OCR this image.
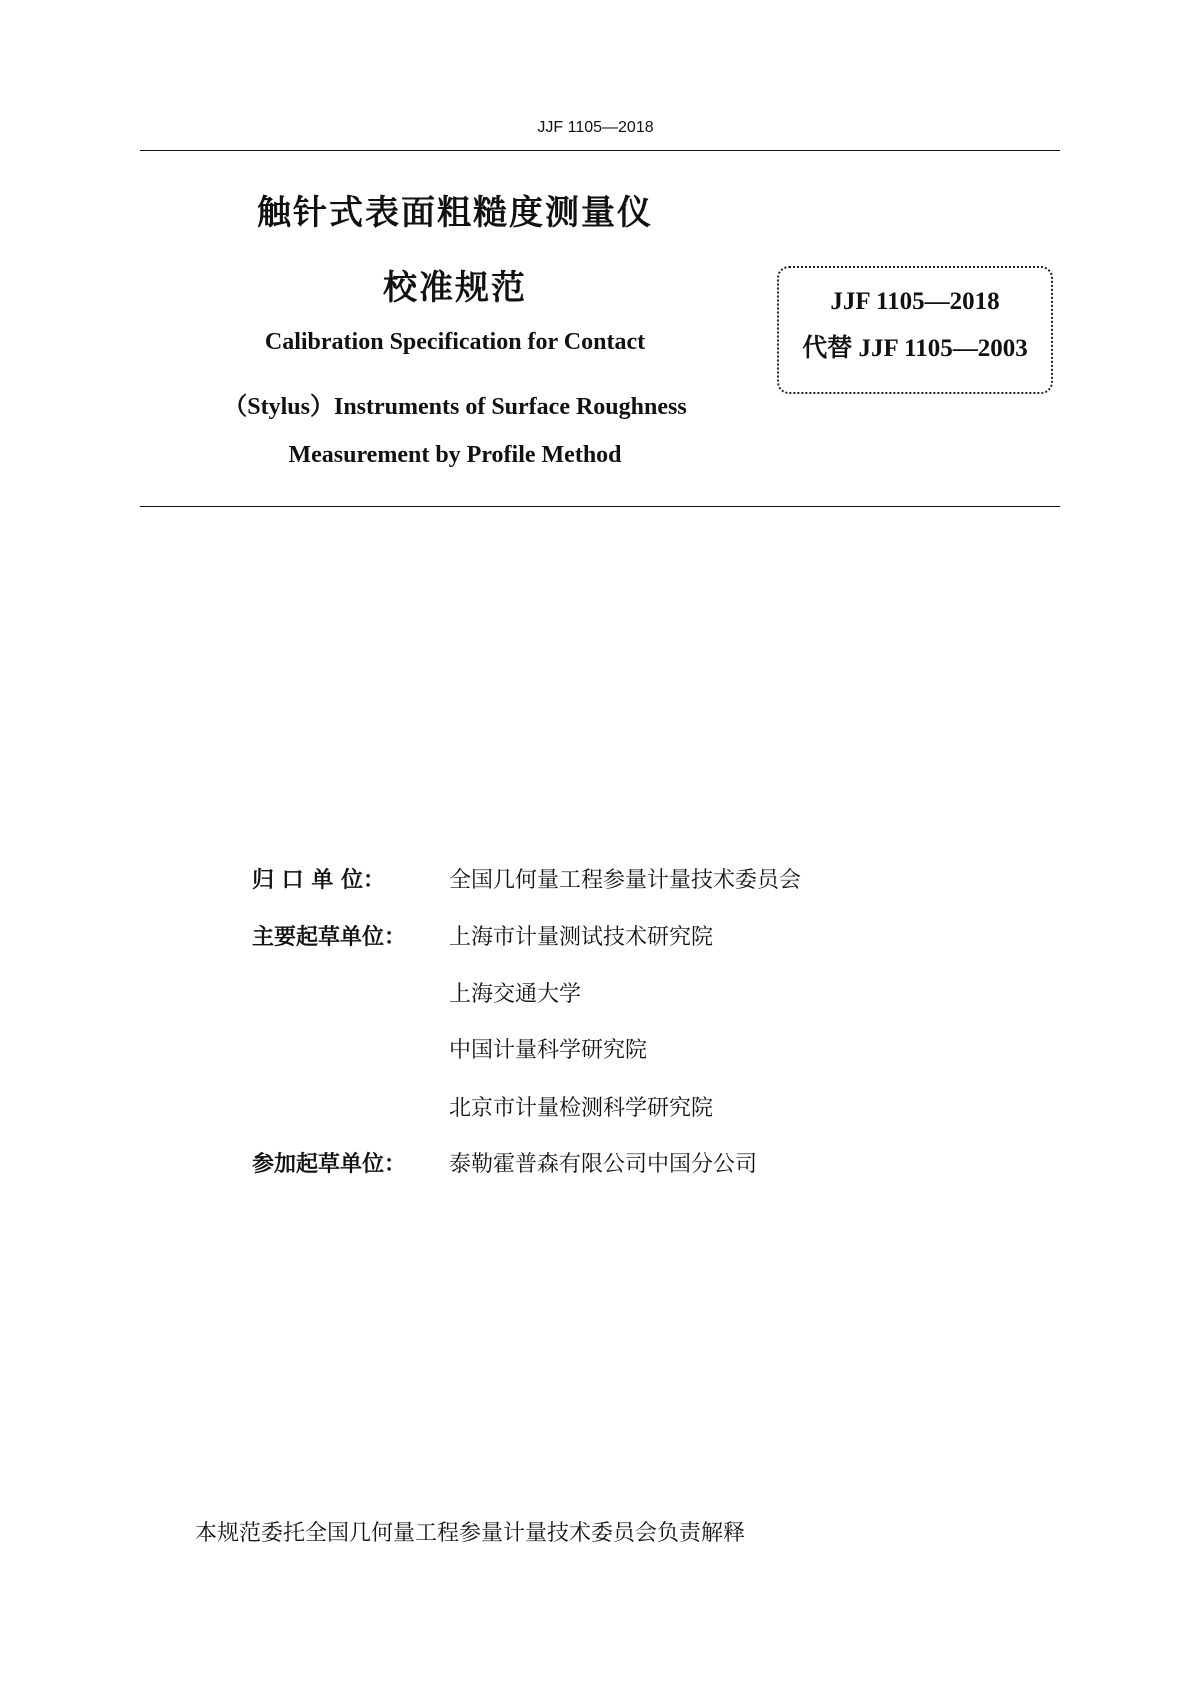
JJF 1105—2018
触针式表面粗糙度测量仪
校准规范
Calibration Specification for Contact
（Stylus）Instruments of Surface Roughness
Measurement by Profile Method
JJF 1105—2018
代替 JJF 1105—2003
归 口 单 位：	全国几何量工程参量计量技术委员会
主要起草单位： 上海市计量测试技术研究院
上海交通大学
中国计量科学研究院
北京市计量检测科学研究院
参加起草单位： 泰勒霍普森有限公司中国分公司
本规范委托全国几何量工程参量计量技术委员会负责解释
